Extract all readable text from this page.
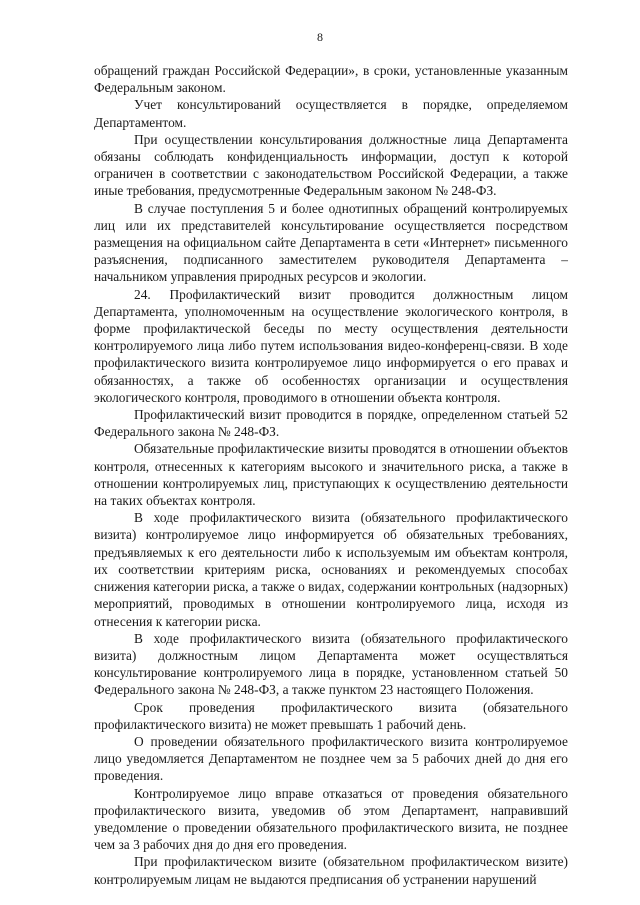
8

обращений граждан Российской Федерации», в сроки, установленные указанным Федеральным законом.

Учет консультирований осуществляется в порядке, определяемом Департаментом.

При осуществлении консультирования должностные лица Департамента обязаны соблюдать конфиденциальность информации, доступ к которой ограничен в соответствии с законодательством Российской Федерации, а также иные требования, предусмотренные Федеральным законом № 248-ФЗ.

В случае поступления 5 и более однотипных обращений контролируемых лиц или их представителей консультирование осуществляется посредством размещения на официальном сайте Департамента в сети «Интернет» письменного разъяснения, подписанного заместителем руководителя Департамента – начальником управления природных ресурсов и экологии.

24. Профилактический визит проводится должностным лицом Департамента, уполномоченным на осуществление экологического контроля, в форме профилактической беседы по месту осуществления деятельности контролируемого лица либо путем использования видео-конференц-связи. В ходе профилактического визита контролируемое лицо информируется о его правах и обязанностях, а также об особенностях организации и осуществления экологического контроля, проводимого в отношении объекта контроля.

Профилактический визит проводится в порядке, определенном статьей 52 Федерального закона № 248-ФЗ.

Обязательные профилактические визиты проводятся в отношении объектов контроля, отнесенных к категориям высокого и значительного риска, а также в отношении контролируемых лиц, приступающих к осуществлению деятельности на таких объектах контроля.

В ходе профилактического визита (обязательного профилактического визита) контролируемое лицо информируется об обязательных требованиях, предъявляемых к его деятельности либо к используемым им объектам контроля, их соответствии критериям риска, основаниях и рекомендуемых способах снижения категории риска, а также о видах, содержании контрольных (надзорных) мероприятий, проводимых в отношении контролируемого лица, исходя из отнесения к категории риска.

В ходе профилактического визита (обязательного профилактического визита) должностным лицом Департамента может осуществляться консультирование контролируемого лица в порядке, установленном статьей 50 Федерального закона № 248-ФЗ, а также пунктом 23 настоящего Положения.

Срок проведения профилактического визита (обязательного профилактического визита) не может превышать 1 рабочий день.

О проведении обязательного профилактического визита контролируемое лицо уведомляется Департаментом не позднее чем за 5 рабочих дней до дня его проведения.

Контролируемое лицо вправе отказаться от проведения обязательного профилактического визита, уведомив об этом Департамент, направивший уведомление о проведении обязательного профилактического визита, не позднее чем за 3 рабочих дня до дня его проведения.

При профилактическом визите (обязательном профилактическом визите) контролируемым лицам не выдаются предписания об устранении нарушений
